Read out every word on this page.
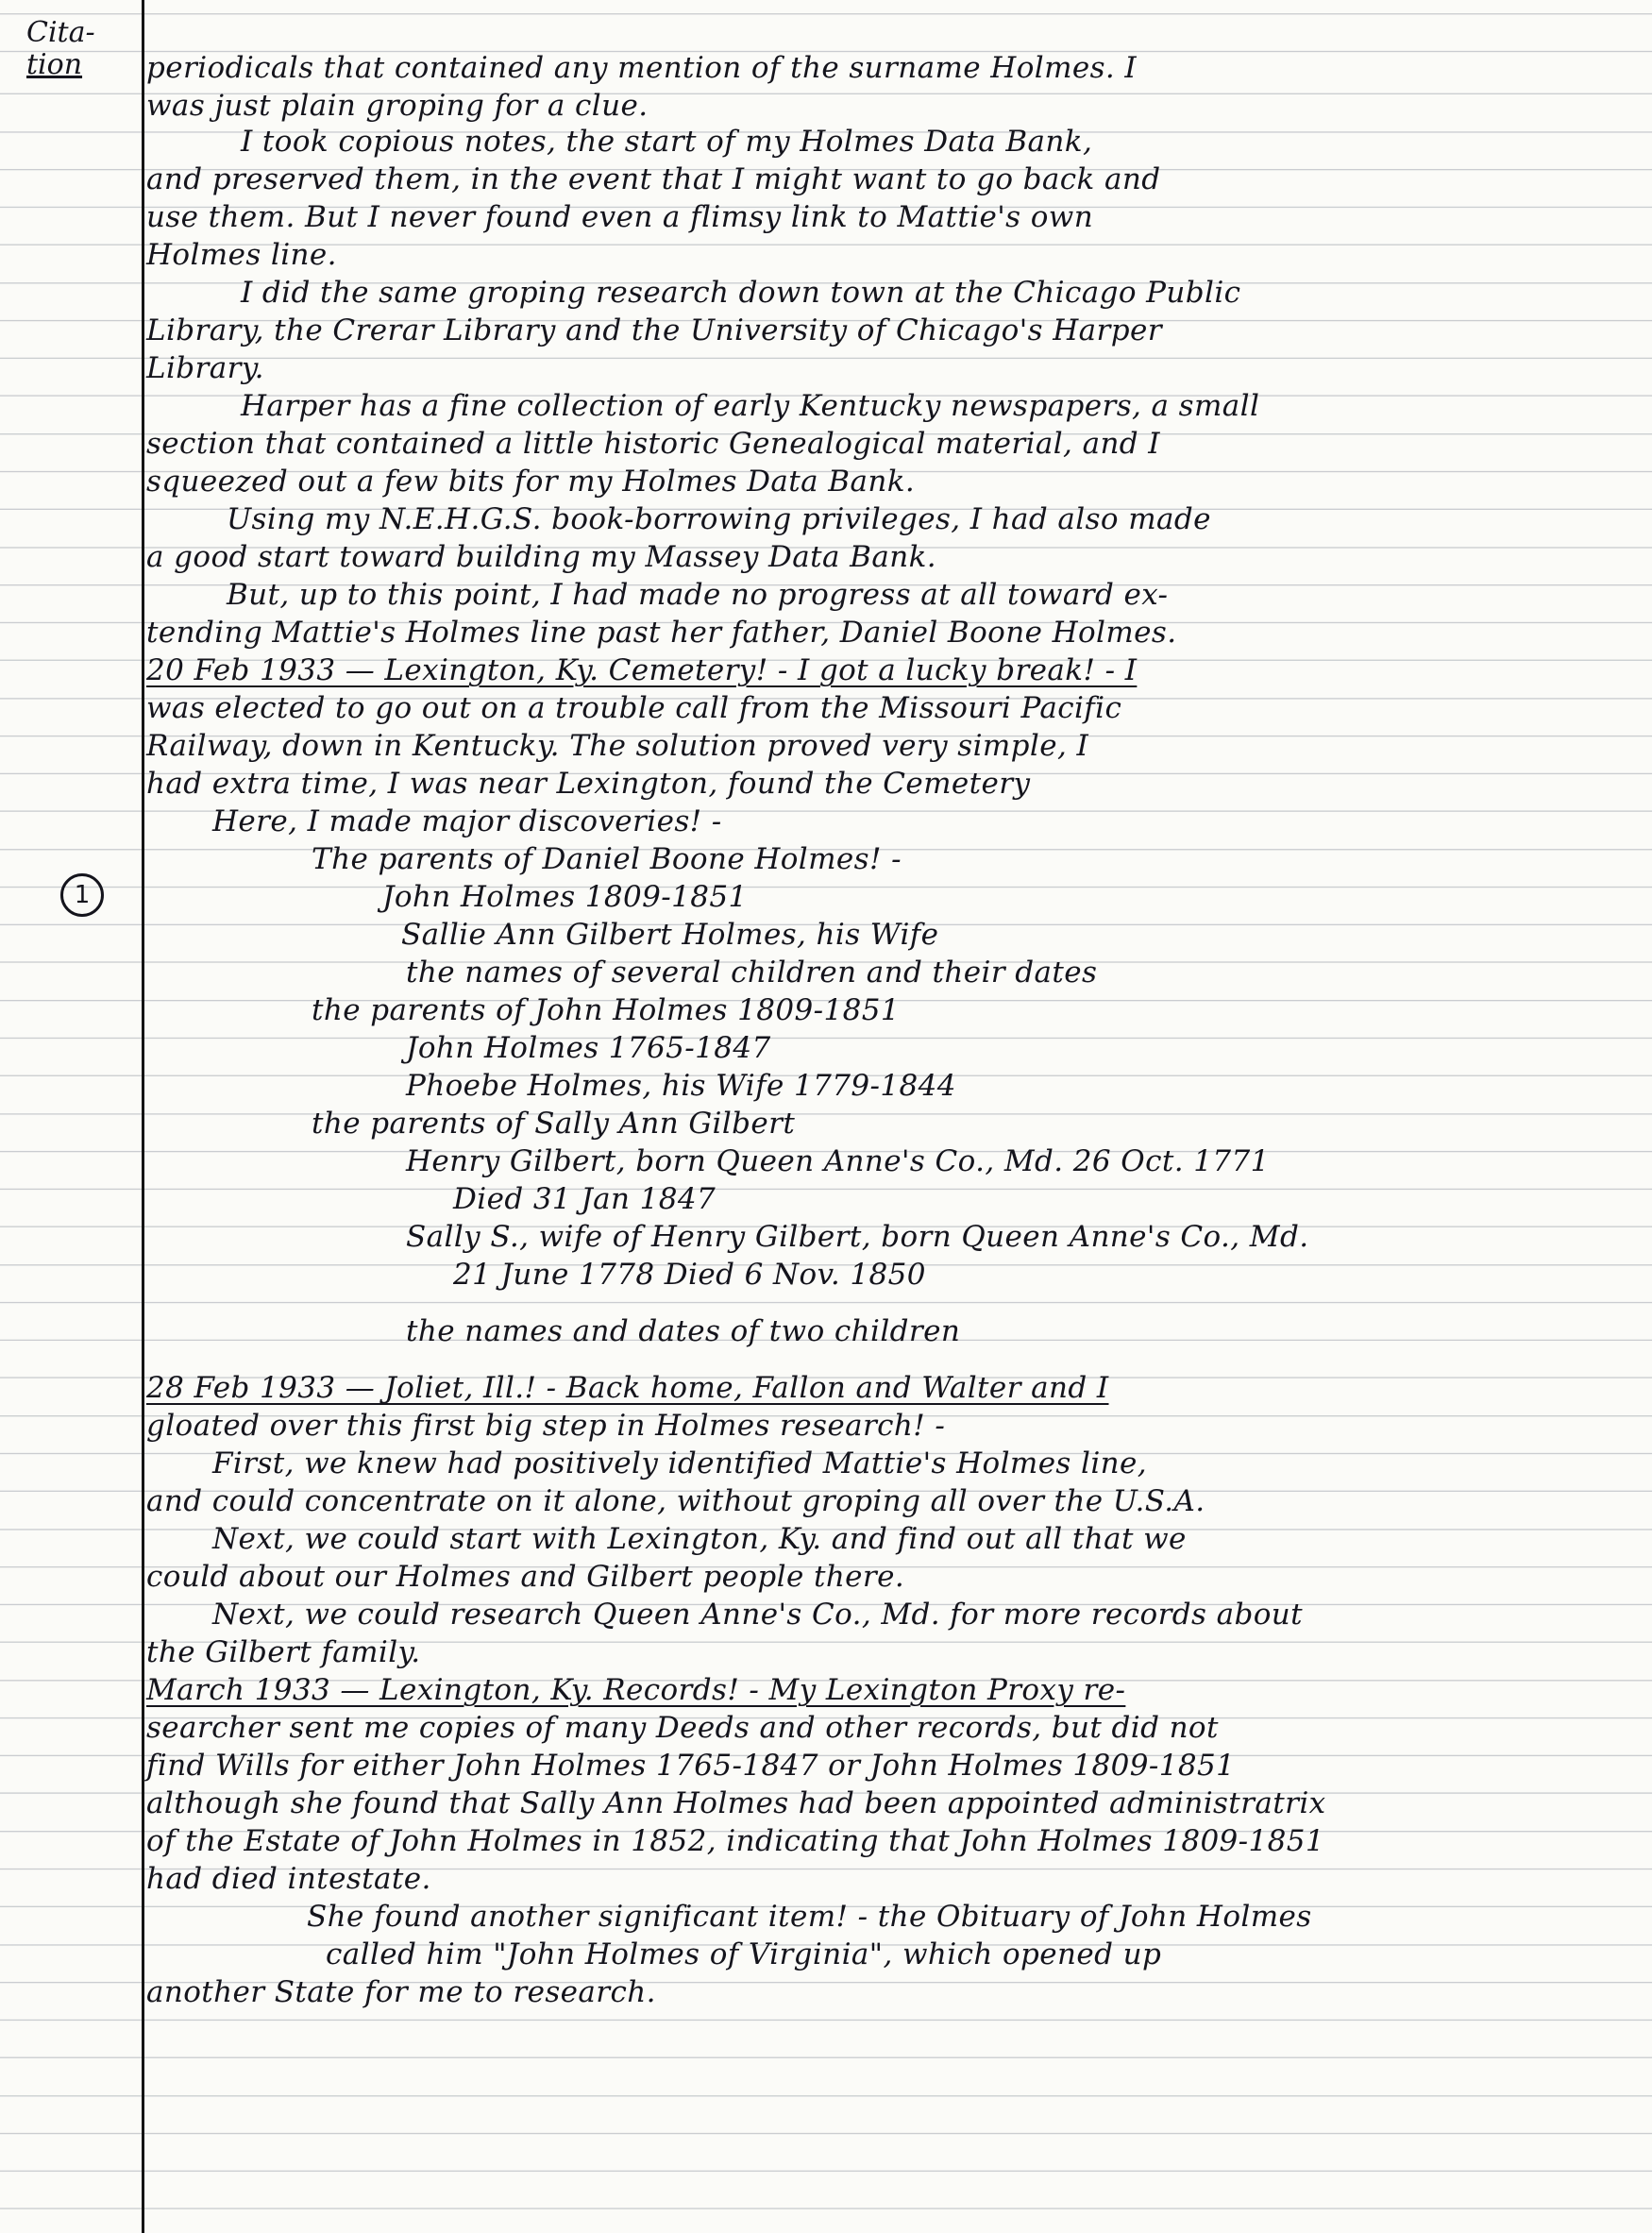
Cita-
tion
1
periodicals that contained any mention of the surname Holmes. I
was just plain groping for a clue.
I took copious notes, the start of my Holmes Data Bank,
and preserved them, in the event that I might want to go back and
use them. But I never found even a flimsy link to Mattie's own
Holmes line.
I did the same groping research down town at the Chicago Public
Library, the Crerar Library and the University of Chicago's Harper
Library.
Harper has a fine collection of early Kentucky newspapers, a small
section that contained a little historic Genealogical material, and I
squeezed out a few bits for my Holmes Data Bank.
Using my N.E.H.G.S. book-borrowing privileges, I had also made
a good start toward building my Massey Data Bank.
But, up to this point, I had made no progress at all toward ex-
tending Mattie's Holmes line past her father, Daniel Boone Holmes.
20 Feb 1933 — Lexington, Ky. Cemetery! - I got a lucky break! - I
was elected to go out on a trouble call from the Missouri Pacific
Railway, down in Kentucky. The solution proved very simple, I
had extra time, I was near Lexington, found the Cemetery
Here, I made major discoveries! -
The parents of Daniel Boone Holmes! -
John Holmes 1809-1851
Sallie Ann Gilbert Holmes, his Wife
the names of several children and their dates
the parents of John Holmes 1809-1851
John Holmes 1765-1847
Phoebe Holmes, his Wife 1779-1844
the parents of Sally Ann Gilbert
Henry Gilbert, born Queen Anne's Co., Md. 26 Oct. 1771
Died 31 Jan 1847
Sally S., wife of Henry Gilbert, born Queen Anne's Co., Md.
21 June 1778 Died 6 Nov. 1850
the names and dates of two children
28 Feb 1933 — Joliet, Ill.! - Back home, Fallon and Walter and I
gloated over this first big step in Holmes research! -
First, we knew had positively identified Mattie's Holmes line,
and could concentrate on it alone, without groping all over the U.S.A.
Next, we could start with Lexington, Ky. and find out all that we
could about our Holmes and Gilbert people there.
Next, we could research Queen Anne's Co., Md. for more records about
the Gilbert family.
March 1933 — Lexington, Ky. Records! - My Lexington Proxy re-
searcher sent me copies of many Deeds and other records, but did not
find Wills for either John Holmes 1765-1847 or John Holmes 1809-1851
although she found that Sally Ann Holmes had been appointed administratrix
of the Estate of John Holmes in 1852, indicating that John Holmes 1809-1851
had died intestate.
She found another significant item! - the Obituary of John Holmes
called him "John Holmes of Virginia", which opened up
another State for me to research.
